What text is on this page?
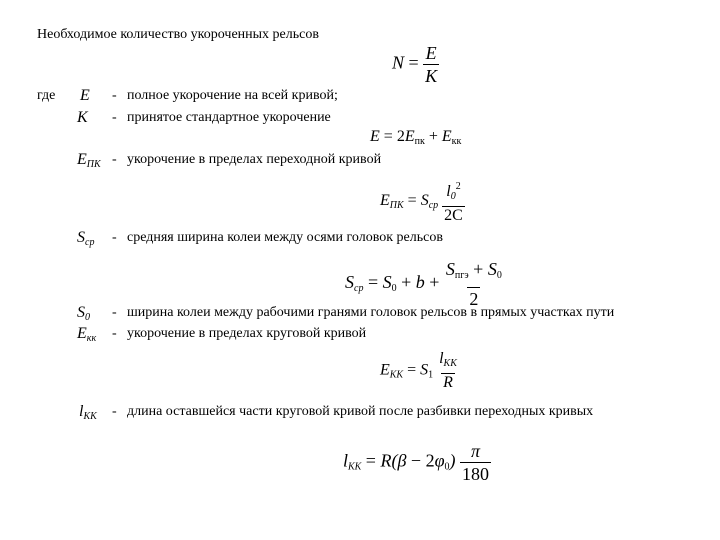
Необходимое количество укороченных рельсов
$N = \frac{E}{K}$
где E - полное укорочение на всей кривой;
K - принятое стандартное укорочение
E = 2Eпк + Eкк
$E_{ПК}$ - укорочение в пределах переходной кривой
$E_{ПК} = S_{ср} \frac{l_0^2}{2C}$
$S_{ср}$ - средняя ширина колеи между осями головок рельсов
$S_{ср} = S0 + b + \frac{\text{Sпгэ + S0}}{2}$
$S_0$ - ширина колеи между рабочими гранями головок рельсов в прямых участках пути
$E_{кк}$ - укорочение в пределах круговой кривой
$E_{КК} = S1 \frac{l_{КК}}{R}$
$l_{КК}$ - длина оставшейся части круговой кривой после разбивки переходных кривых
$l_{КК} = R(\beta - 2\varphi 0) \frac{\pi}{180}$
